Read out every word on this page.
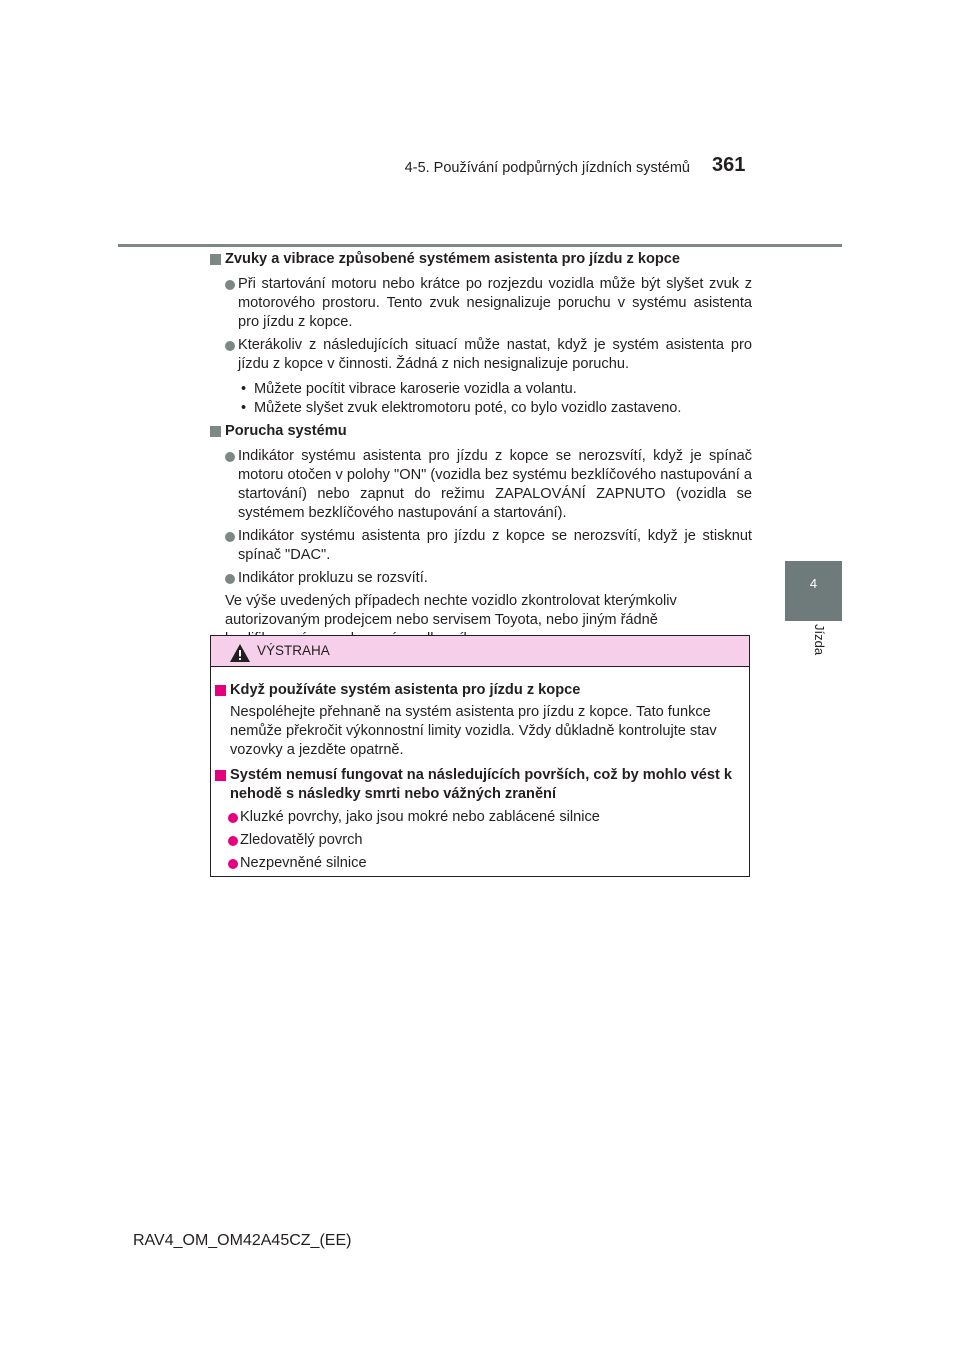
4-5. Používání podpůrných jízdních systémů 361
4
Jízda
Zvuky a vibrace způsobené systémem asistenta pro jízdu z kopce
Při startování motoru nebo krátce po rozjezdu vozidla může být slyšet zvuk z motorového prostoru. Tento zvuk nesignalizuje poruchu v systému asistenta pro jízdu z kopce.
Kterákoliv z následujících situací může nastat, když je systém asistenta pro jízdu z kopce v činnosti. Žádná z nich nesignalizuje poruchu.
• Můžete pocítit vibrace karoserie vozidla a volantu.
• Můžete slyšet zvuk elektromotoru poté, co bylo vozidlo zastaveno.
Porucha systému
Indikátor systému asistenta pro jízdu z kopce se nerozsvítí, když je spínač motoru otočen v polohy "ON" (vozidla bez systému bezklíčového nastupování a startování) nebo zapnut do režimu ZAPALOVÁNÍ ZAPNUTO (vozidla se systémem bezklíčového nastupování a startování).
Indikátor systému asistenta pro jízdu z kopce se nerozsvítí, když je stisknut spínač "DAC".
Indikátor prokluzu se rozsvítí.
Ve výše uvedených případech nechte vozidlo zkontrolovat kterýmkoliv autorizovaným prodejcem nebo servisem Toyota, nebo jiným řádně
VÝSTRAHA
Když používáte systém asistenta pro jízdu z kopce
Nespoléhejte přehnaně na systém asistenta pro jízdu z kopce. Tato funkce nemůže překročit výkonnostní limity vozidla. Vždy důkladně kontrolujte stav vozovky a jezděte opatrně.
Systém nemusí fungovat na následujících površích, což by mohlo vést k nehodě s následky smrti nebo vážných zranění
Kluzké povrchy, jako jsou mokré nebo zablácené silnice
Zledovatělý povrch
Nezpevněné silnice
RAV4_OM_OM42A45CZ_(EE)
